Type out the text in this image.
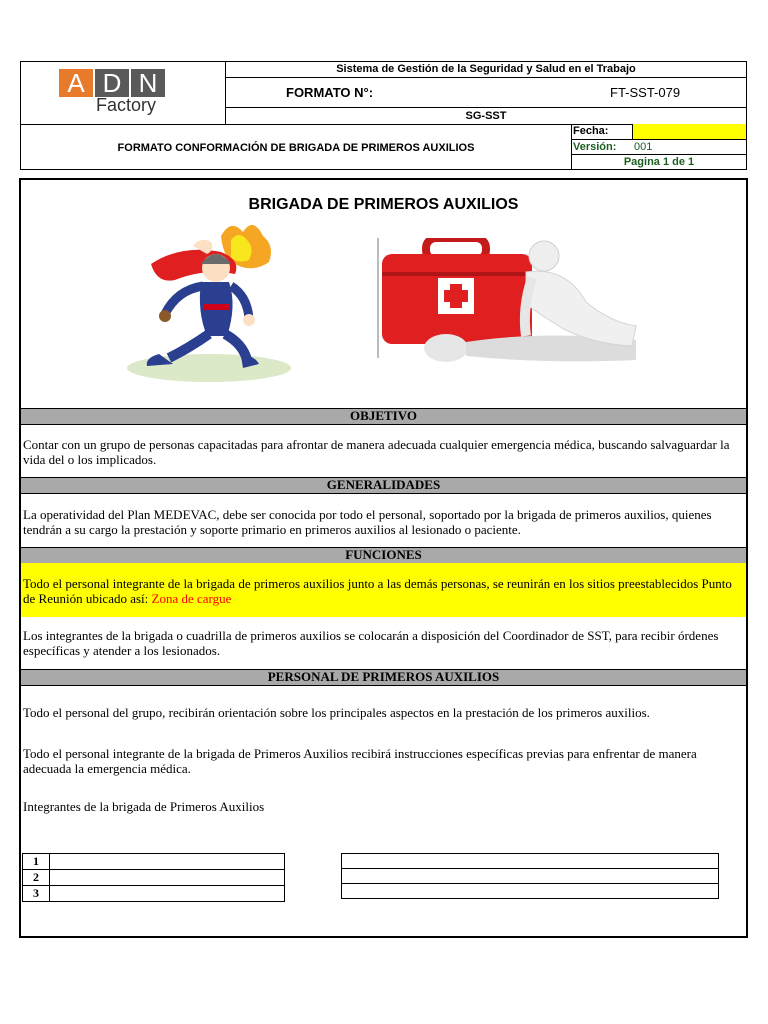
A D N
Factory
Sistema de Gestión de la Seguridad y Salud en el Trabajo
FORMATO N°:	FT-SST-079
SG-SST
FORMATO CONFORMACIÓN DE BRIGADA DE PRIMEROS AUXILIOS
Fecha:
Versión:	001
Pagina 1 de 1
BRIGADA DE PRIMEROS AUXILIOS
OBJETIVO
Contar con un grupo de personas capacitadas para afrontar de manera adecuada cualquier emergencia médica, buscando salvaguardar la vida del o los implicados.
GENERALIDADES
La operatividad del Plan MEDEVAC, debe ser conocida por todo el personal, soportado por la brigada de primeros auxilios, quienes tendrán a su cargo la prestación y soporte primario en primeros auxilios al lesionado o paciente.
FUNCIONES
Todo el personal integrante de la brigada de primeros auxilios junto a las demás personas, se reunirán en los sitios preestablecidos Punto de Reunión ubicado así: Zona de cargue
Los integrantes de la brigada o cuadrilla de primeros auxilios se colocarán a disposición del Coordinador de SST, para recibir órdenes específicas y atender a los lesionados.
PERSONAL DE PRIMEROS AUXILIOS
Todo el personal del grupo, recibirán orientación sobre los principales aspectos en la prestación de los primeros auxilios.
Todo el personal integrante de la brigada de Primeros Auxilios recibirá instrucciones específicas previas para enfrentar de manera adecuada la emergencia médica.
Integrantes de la brigada de Primeros Auxilios
1	
2	
3	
